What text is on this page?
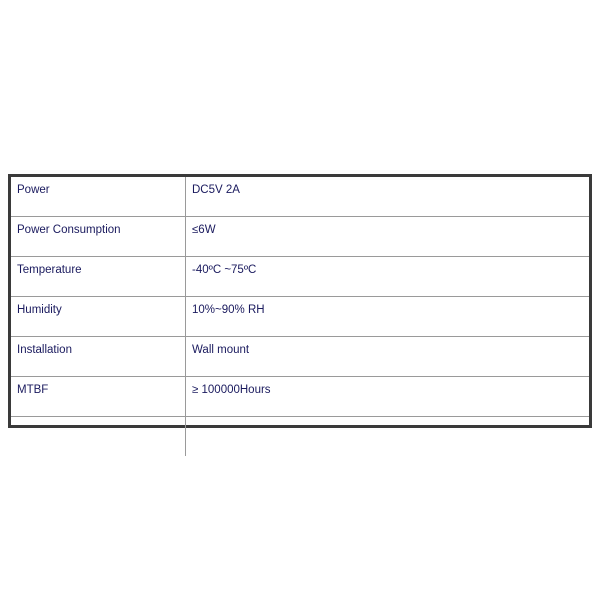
Power	DC5V 2A
Power Consumption	≤6W
Temperature	-40ºC ~75ºC
Humidity	10%~90% RH
Installation	Wall mount
MTBF	≥ 100000Hours
